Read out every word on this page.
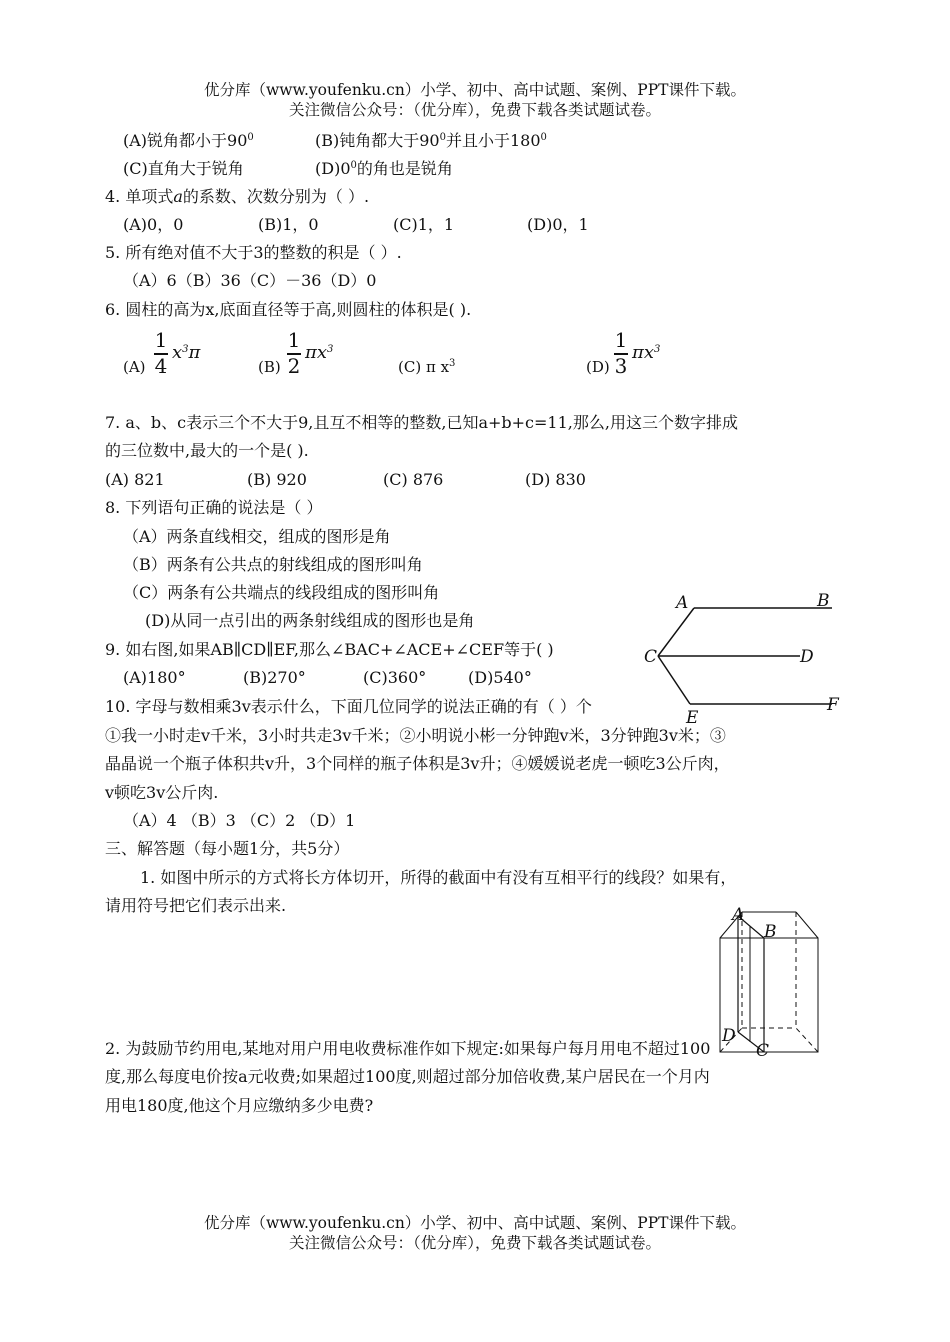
优分库（www.youfenku.cn）小学、初中、高中试题、案例、PPT课件下载。
关注微信公众号：（优分库），免费下载各类试题试卷。
(A)锐角都小于$90^0$	(B)钝角都大于$90^0$并且小于$180^0$
(C)直角大于锐角	$(D)0^0$的角也是锐角
4. 单项式a的系数、次数分别为（ ）.
(A)0，0	(B)1，0	(C)1，1	(D)0，1
5. 所有绝对值不大于3的整数的积是（ ）.
（A）6（B）36（C）－36（D）0
6. 圆柱的高为x,底面直径等于高,则圆柱的体积是( ).
(A)
1
4
$x^3\pi$
(B)
1
2
$\pi x^3$
(C) π $x^3$	(D)
1
3
$\pi x^3$
7. a、b、c表示三个不大于9,且互不相等的整数,已知a+b+c=11,那么,用这三个数字排成
的三位数中,最大的一个是( ).
(A) 821	(B) 920	(C) 876	(D) 830
8. 下列语句正确的说法是（ ）
（A）两条直线相交，组成的图形是角
（B）两条有公共点的射线组成的图形叫角
（C）两条有公共端点的线段组成的图形叫角
(D)从同一点引出的两条射线组成的图形也是角
9. 如右图,如果AB∥CD∥EF,那么∠BAC+∠ACE+∠CEF等于( )
(A)180°	(B)270°	(C)360°	(D)540°
A	B
C	D
E
F
10. 字母与数相乘3v表示什么，下面几位同学的说法正确的有（ ）个
①我一小时走v千米，3小时共走3v千米；②小明说小彬一分钟跑v米，3分钟跑3v米；③
晶晶说一个瓶子体积共v升，3个同样的瓶子体积是3v升；④媛媛说老虎一顿吃3公斤肉，
v顿吃3v公斤肉.
（A）4 （B）3 （C）2 （D）1
三、解答题（每小题1分，共5分）
1. 如图中所示的方式将长方体切开，所得的截面中有没有互相平行的线段？如果有，
请用符号把它们表示出来.	A
B
D
C
2. 为鼓励节约用电,某地对用户用电收费标准作如下规定:如果每户每月用电不超过100
度,那么每度电价按a元收费;如果超过100度,则超过部分加倍收费,某户居民在一个月内
用电180度,他这个月应缴纳多少电费?
优分库（www.youfenku.cn）小学、初中、高中试题、案例、PPT课件下载。
关注微信公众号：（优分库），免费下载各类试题试卷。
